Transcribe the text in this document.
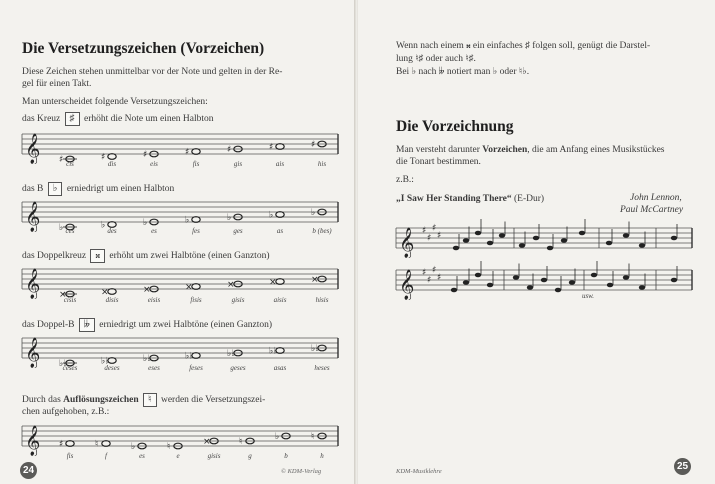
Die Versetzungszeichen (Vorzeichen)
Diese Zeichen stehen unmittelbar vor der Note und gelten in der Re-
gel für einen Takt.
Man unterscheidet folgende Versetzungszeichen:
das Kreuz ♯ erhöht die Note um einen Halbton
𝄞 ♯	♯	♯	♯	♯	♯	♯
cis	dis	eis	fis	gis	ais	his
das B ♭ erniedrigt um einen Halbton
𝄞 ♭	♭	♭	♭	♭	♭	♭
ces	des	es	fes	ges	as	b (bes)
das Doppelkreuz 𝄪 erhöht um zwei Halbtöne (einen Ganzton)
𝄞 ×	×	×	×	×	×	×
cisis	disis	eisis	fisis	gisis	aisis	hisis
das Doppel-B 𝄫 erniedrigt um zwei Halbtöne (einen Ganzton)
𝄞 ♭♭	♭♭	♭♭	♭♭	♭♭	♭♭	♭♭
ceses	deses	eses	feses	geses	asas	heses
Durch das Auflösungszeichen ♮ werden die Versetzungszei-
chen aufgehoben, z.B.:
𝄞 ♯	♮	♭	♮	×	♮	♭	♮
fis	f	es	e	gisis	g	b	h
24	© KDM-Verlag
Wenn nach einem 𝄪 ein einfaches ♯ folgen soll, genügt die Darstel-
lung ♮♯ oder auch ♮♯.
Bei ♭ nach 𝄫 notiert man ♭ oder ♮♭.
Die Vorzeichnung
Man versteht darunter Vorzeichen, die am Anfang eines Musikstückes
die Tonart bestimmen.
z.B.:
„I Saw Her Standing There“ (E-Dur)	John Lennon,
Paul McCartney
𝄞 ♯
♯
♯
♯
𝄞 ♯
♯
♯
♯
usw.
KDM-Musiklehre	25
